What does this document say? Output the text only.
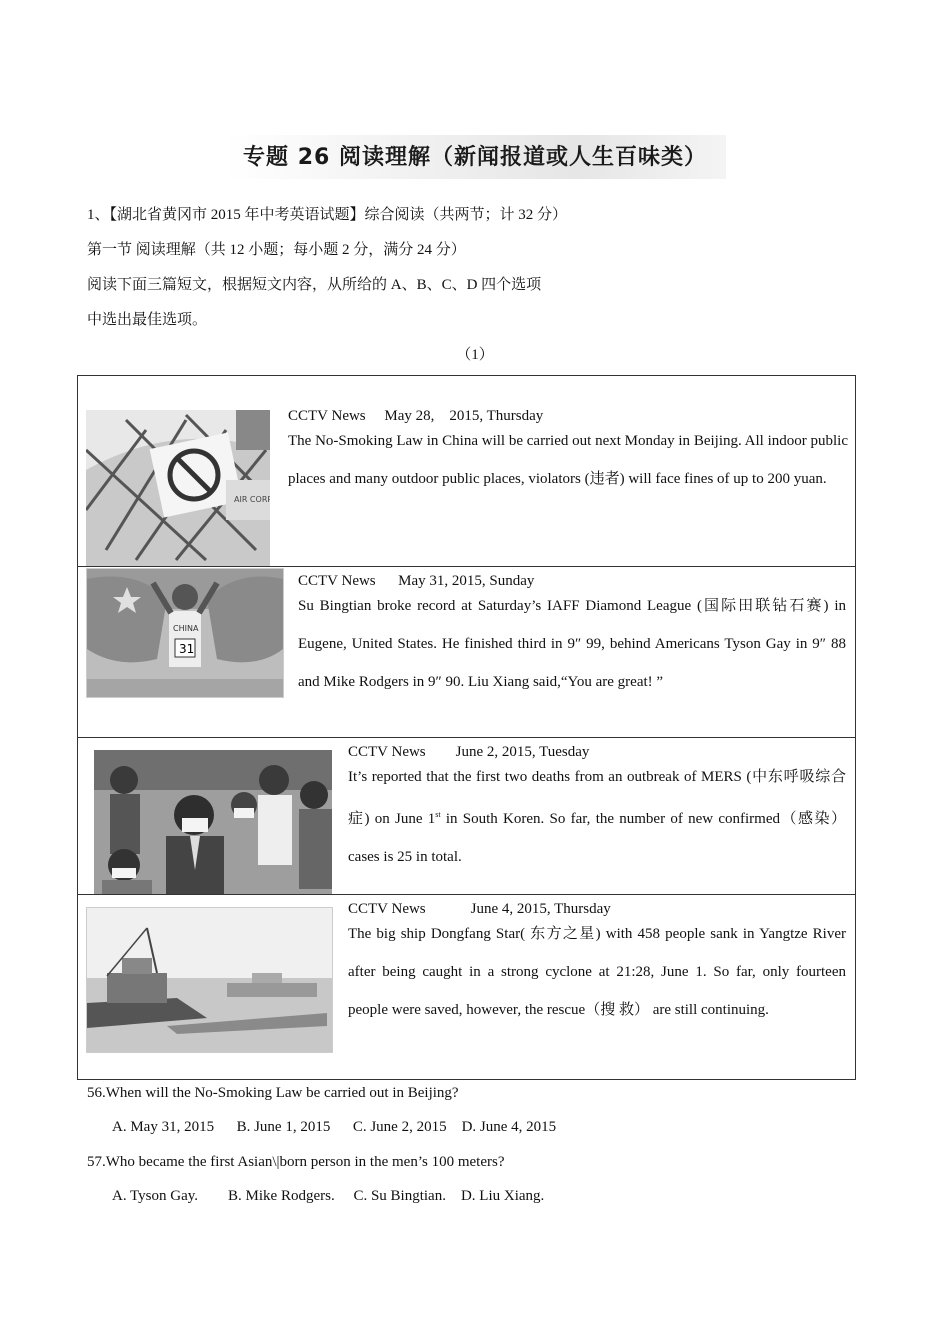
专题 26 阅读理解（新闻报道或人生百味类）
1、【湖北省黄冈市 2015 年中考英语试题】综合阅读（共两节；计 32 分）
第一节 阅读理解（共 12 小题；每小题 2 分，满分 24 分）
阅读下面三篇短文，根据短文内容，从所给的 A、B、C、D 四个选项
中选出最佳选项。
（1）
AIR CORR
CCTV News     May 28,    2015, Thursday
The No-Smoking Law in China will be carried out next Monday in Beijing. All indoor public places and many outdoor public places, violators (违者) will face fines of up to 200 yuan.
31
CHINA
CCTV News      May 31, 2015, Sunday
Su Bingtian broke record at Saturday’s IAFF Diamond League (国际田联钻石赛) in Eugene, United States. He finished third in 9″ 99, behind Americans Tyson Gay in 9″ 88 and Mike Rodgers in 9″ 90. Liu Xiang said,“You are great! ”
CCTV News        June 2, 2015, Tuesday
It’s reported that the first two deaths from an outbreak of MERS (中东呼吸综合症) on June 1st in South Koren. So far, the number of new confirmed（感染）cases is 25 in total.
CCTV News            June 4, 2015, Thursday
The big ship Dongfang Star( 东方之星) with 458 people sank in Yangtze River after being caught in a strong cyclone at 21:28, June 1. So far, only fourteen people were saved, however, the rescue（搜 救） are still continuing.
56.When will the No-Smoking Law be carried out in Beijing?
A. May 31, 2015      B. June 1, 2015      C. June 2, 2015    D. June 4, 2015
57.Who became the first Asian\|born person in the men’s 100 meters?
A. Tyson Gay.        B. Mike Rodgers.     C. Su Bingtian.    D. Liu Xiang.
